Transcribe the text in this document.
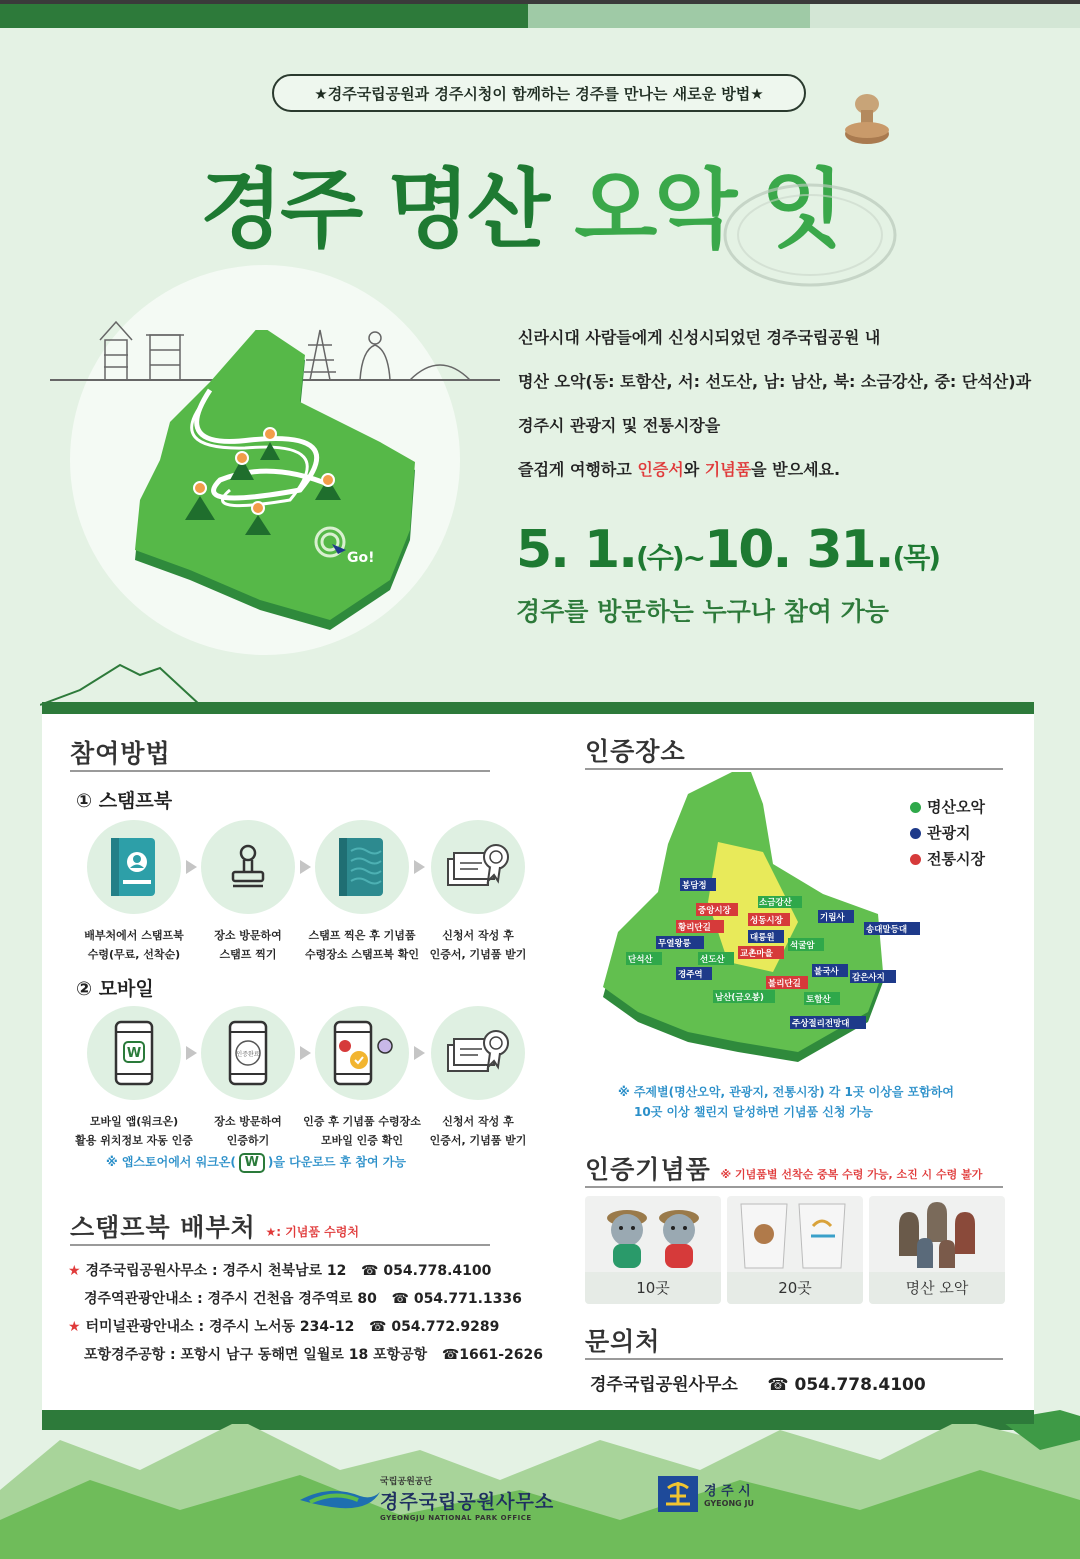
★경주국립공원과 경주시청이 함께하는 경주를 만나는 새로운 방법★
경주 명산 오악 잇
Go!
신라시대 사람들에게 신성시되었던 경주국립공원 내
명산 오악(동: 토함산, 서: 선도산, 남: 남산, 북: 소금강산, 중: 단석산)과
경주시 관광지 및 전통시장을
즐겁게 여행하고 인증서와 기념품을 받으세요.
5. 1.(수)~10. 31.(목)
경주를 방문하는 누구나 참여 가능
참여방법
① 스탬프북
배부처에서 스탬프북
수령(무료, 선착순)
장소 방문하여
스탬프 찍기
스탬프 찍은 후 기념품
수령장소 스탬프북 확인
신청서 작성 후
인증서, 기념품 받기
② 모바일
W
모바일 앱(워크온)
활용 위치정보 자동 인증
인증완료
장소 방문하여
인증하기
인증 후 기념품 수령장소
모바일 인증 확인
신청서 작성 후
인증서, 기념품 받기
※ 앱스토어에서 워크온( W )을 다운로드 후 참여 가능
스탬프북 배부처 ★: 기념품 수령처
★ 경주국립공원사무소 : 경주시 천북남로 12 ☎ 054.778.4100
경주역관광안내소 : 경주시 건천읍 경주역로 80 ☎ 054.771.1336
★ 터미널관광안내소 : 경주시 노서동 234-12 ☎ 054.772.9289
포항경주공항 : 포항시 남구 동해면 일월로 18 포항공항 ☎1661-2626
인증장소
봉담정
중앙시장
성동시장
소금강산
황리단길
대릉원
무열왕릉
교촌마을
석굴암
단석산	선도산
기림사
송대말등대
경주역	불국사
감은사지
불리단길
남산(금오봉)	토함산
주상절리전망대
명산오악
관광지
전통시장
※ 주제별(명산오악, 관광지, 전통시장) 각 1곳 이상을 포함하여
10곳 이상 챌린지 달성하면 기념품 신청 가능
인증기념품 ※ 기념품별 선착순 중복 수령 가능, 소진 시 수령 불가
10곳	20곳	명산 오악
문의처
경주국립공원사무소 ☎ 054.778.4100
국립공원공단
경주국립공원사무소
GYEONGJU NATIONAL PARK OFFICE
경 주 시
GYEONG JU
